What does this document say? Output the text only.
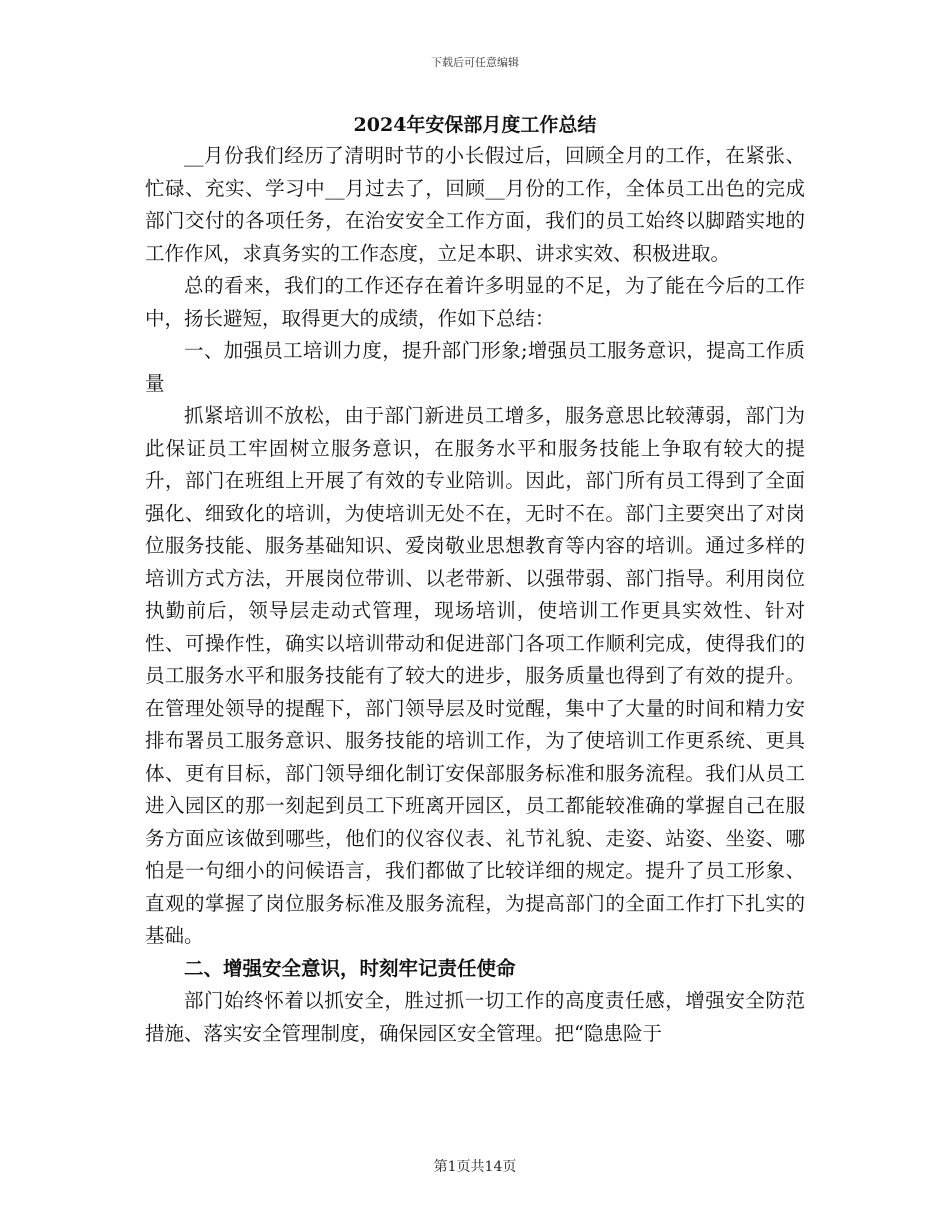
下载后可任意编辑
2024年安保部月度工作总结

__月份我们经历了清明时节的小长假过后，回顾全月的工作，在紧张、忙碌、充实、学习中__月过去了，回顾__月份的工作，全体员工出色的完成部门交付的各项任务，在治安安全工作方面，我们的员工始终以脚踏实地的工作作风，求真务实的工作态度，立足本职、讲求实效、积极进取。

总的看来，我们的工作还存在着许多明显的不足，为了能在今后的工作中，扬长避短，取得更大的成绩，作如下总结：

一、加强员工培训力度，提升部门形象;增强员工服务意识，提高工作质量

抓紧培训不放松，由于部门新进员工增多，服务意思比较薄弱，部门为此保证员工牢固树立服务意识，在服务水平和服务技能上争取有较大的提升，部门在班组上开展了有效的专业陪训。因此，部门所有员工得到了全面强化、细致化的培训，为使培训无处不在，无时不在。部门主要突出了对岗位服务技能、服务基础知识、爱岗敬业思想教育等内容的培训。通过多样的培训方式方法，开展岗位带训、以老带新、以强带弱、部门指导。利用岗位执勤前后，领导层走动式管理，现场培训，使培训工作更具实效性、针对性、可操作性，确实以培训带动和促进部门各项工作顺利完成，使得我们的员工服务水平和服务技能有了较大的进步，服务质量也得到了有效的提升。在管理处领导的提醒下，部门领导层及时觉醒，集中了大量的时间和精力安排布署员工服务意识、服务技能的培训工作，为了使培训工作更系统、更具体、更有目标，部门领导细化制订安保部服务标准和服务流程。我们从员工进入园区的那一刻起到员工下班离开园区，员工都能较准确的掌握自己在服务方面应该做到哪些，他们的仪容仪表、礼节礼貌、走姿、站姿、坐姿、哪怕是一句细小的问候语言，我们都做了比较详细的规定。提升了员工形象、直观的掌握了岗位服务标准及服务流程，为提高部门的全面工作打下扎实的基础。

二、增强安全意识，时刻牢记责任使命

部门始终怀着以抓安全，胜过抓一切工作的高度责任感，增强安全防范措施、落实安全管理制度，确保园区安全管理。把“隐患险于

第1页共14页
